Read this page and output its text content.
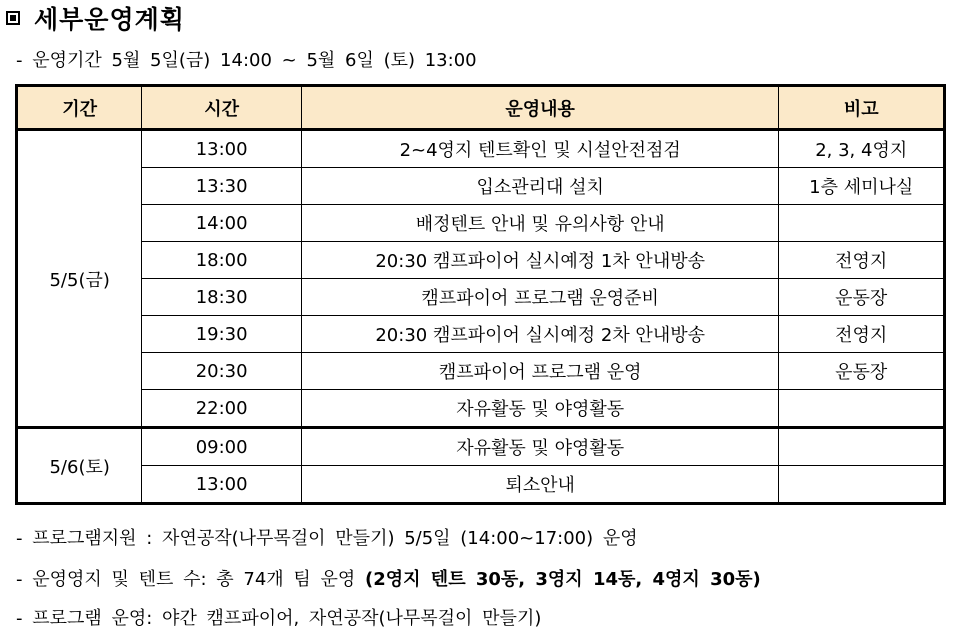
세부운영계획
- 운영기간 5월 5일(금) 14:00 ~ 5월 6일 (토) 13:00
기간	시간	운영내용	비고
5/5(금)	13:00	2~4영지 텐트확인 및 시설안전점검	2, 3, 4영지
	13:30	입소관리대 설치	1층 세미나실
	14:00	배정텐트 안내 및 유의사항 안내	
	18:00	20:30 캠프파이어 실시예정 1차 안내방송	전영지
	18:30	캠프파이어 프로그램 운영준비	운동장
	19:30	20:30 캠프파이어 실시예정 2차 안내방송	전영지
	20:30	캠프파이어 프로그램 운영	운동장
	22:00	자유활동 및 야영활동	
5/6(토)	09:00	자유활동 및 야영활동	
	13:00	퇴소안내	
- 프로그램지원 : 자연공작(나무목걸이 만들기) 5/5일 (14:00~17:00) 운영
- 운영영지 및 텐트 수: 총 74개 팀 운영 (2영지 텐트 30동, 3영지 14동, 4영지 30동)
- 프로그램 운영: 야간 캠프파이어, 자연공작(나무목걸이 만들기)
